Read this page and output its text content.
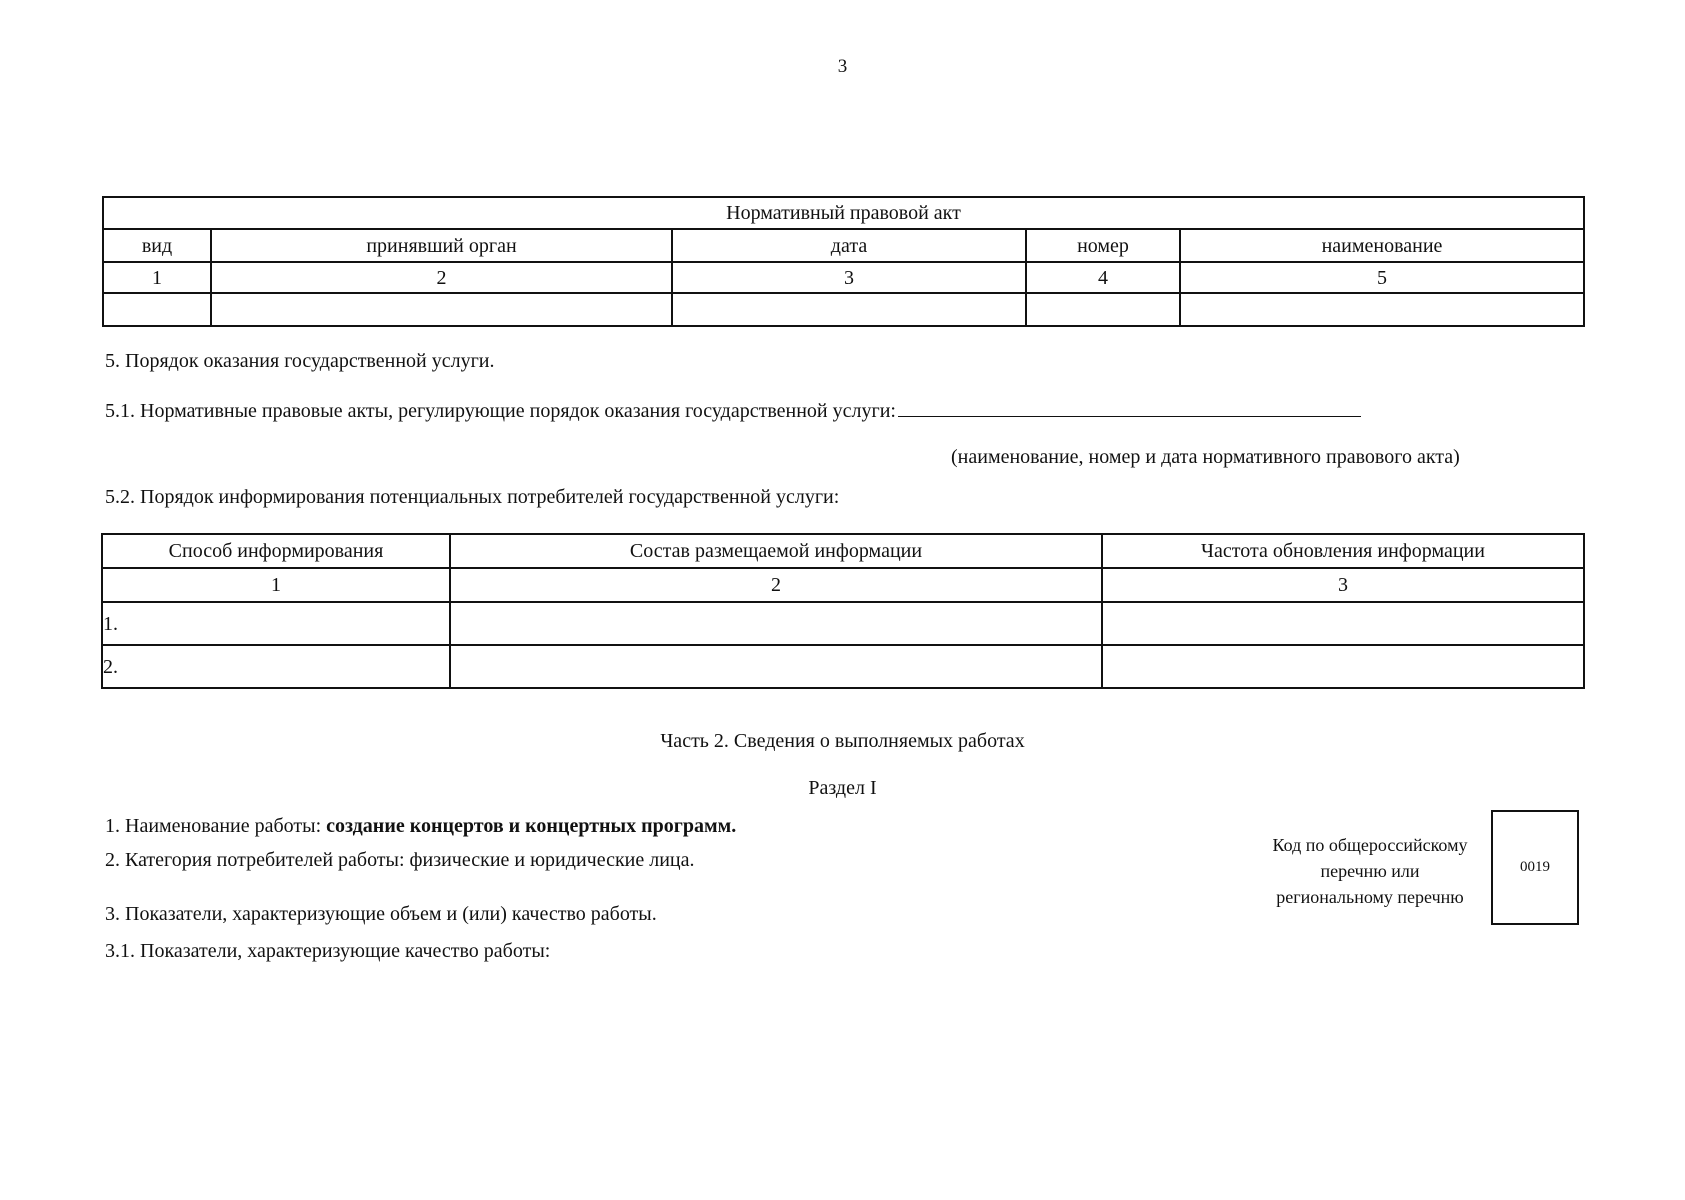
3
Нормативный правовой акт				
вид	принявший орган	дата	номер	наименование
1	2	3	4	5

5. Порядок оказания государственной услуги.
5.1. Нормативные правовые акты, регулирующие порядок оказания государственной услуги:
(наименование, номер и дата нормативного правового акта)
5.2. Порядок информирования потенциальных потребителей государственной услуги:
Способ информирования	Состав размещаемой информации	Частота обновления информации
1	2	3
1.		
2.		
Часть 2. Сведения о выполняемых работах
Раздел I
1. Наименование работы: создание концертов и концертных программ.
2. Категория потребителей работы: физические и юридические лица.
3. Показатели, характеризующие объем и (или) качество работы.
3.1. Показатели, характеризующие качество работы:
Код по общероссийскому
перечню или
региональному перечню
0019
